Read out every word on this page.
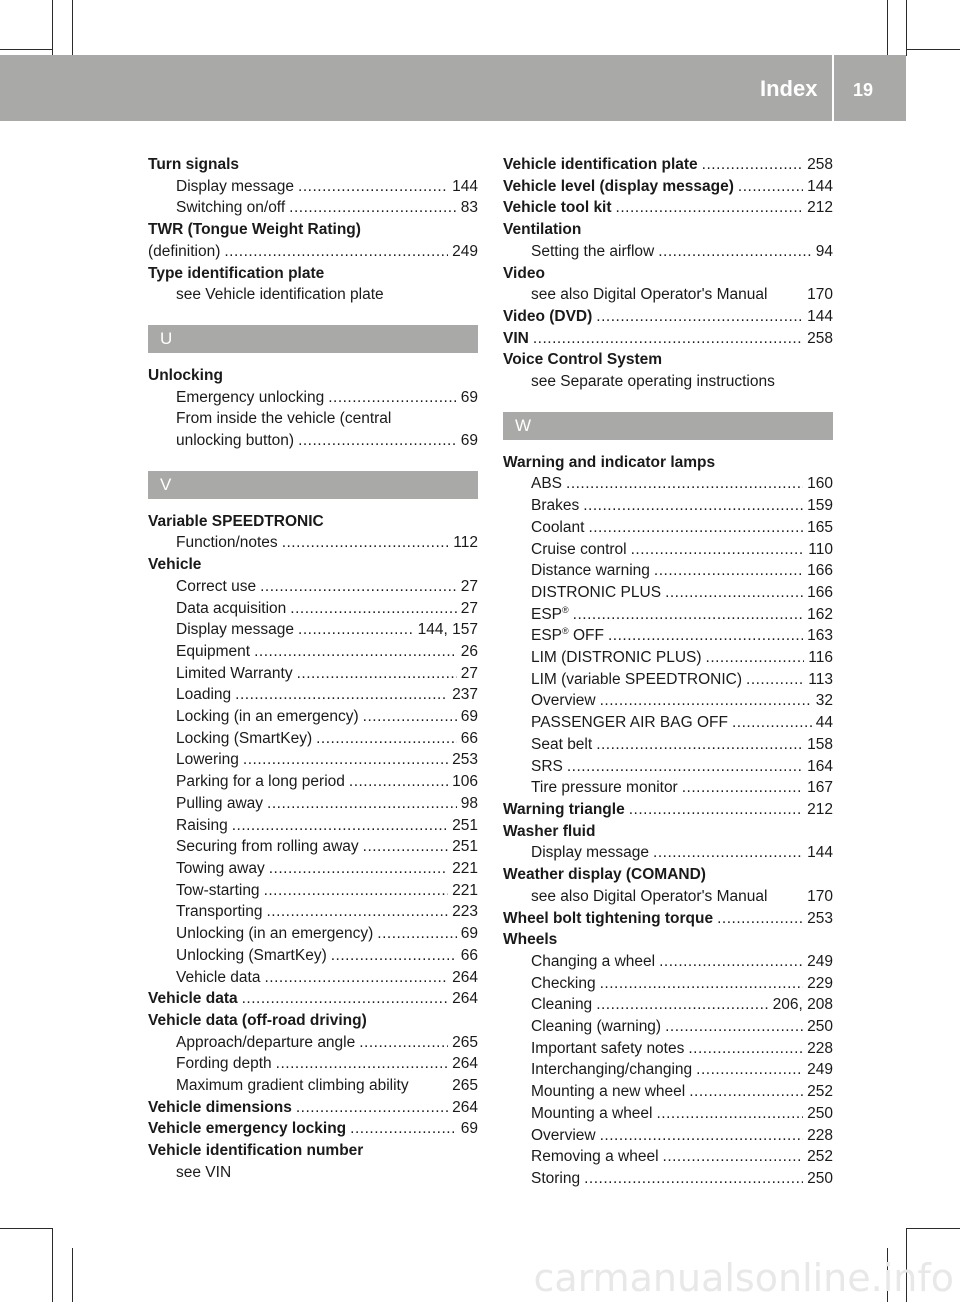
Index 19
Turn signals
Display message .....	144
Switching on/off .....	83
TWR (Tongue Weight Rating)
(definition) .....	249
Type identification plate
see Vehicle identification plate
U
Unlocking
Emergency unlocking .....	69
From inside the vehicle (central
unlocking button) .....	69
V
Variable SPEEDTRONIC
Function/notes .....	112
Vehicle
Correct use .....	27
Data acquisition .....	27
Display message .....	144, 157
Equipment .....	26
Limited Warranty .....	27
Loading .....	237
Locking (in an emergency) .....	69
Locking (SmartKey) .....	66
Lowering .....	253
Parking for a long period .....	106
Pulling away .....	98
Raising .....	251
Securing from rolling away .....	251
Towing away .....	221
Tow-starting .....	221
Transporting .....	223
Unlocking (in an emergency) .....	69
Unlocking (SmartKey) .....	66
Vehicle data .....	264
Vehicle data .....	264
Vehicle data (off-road driving)
Approach/departure angle .....	265
Fording depth .....	264
Maximum gradient climbing ability	265
Vehicle dimensions .....	264
Vehicle emergency locking .....	69
Vehicle identification number
see VIN
Vehicle identification plate .....	258
Vehicle level (display message) .....	144
Vehicle tool kit .....	212
Ventilation
Setting the airflow .....	94
Video
see also Digital Operator's Manual	170
Video (DVD) .....	144
VIN .....	258
Voice Control System
see Separate operating instructions
W
Warning and indicator lamps
ABS .....	160
Brakes .....	159
Coolant .....	165
Cruise control .....	110
Distance warning .....	166
DISTRONIC PLUS .....	166
ESP® .....	162
ESP® OFF .....	163
LIM (DISTRONIC PLUS) .....	116
LIM (variable SPEEDTRONIC) .....	113
Overview .....	32
PASSENGER AIR BAG OFF .....	44
Seat belt .....	158
SRS .....	164
Tire pressure monitor .....	167
Warning triangle .....	212
Washer fluid
Display message .....	144
Weather display (COMAND)
see also Digital Operator's Manual	170
Wheel bolt tightening torque .....	253
Wheels
Changing a wheel .....	249
Checking .....	229
Cleaning .....	206, 208
Cleaning (warning) .....	250
Important safety notes .....	228
Interchanging/changing .....	249
Mounting a new wheel .....	252
Mounting a wheel .....	250
Overview .....	228
Removing a wheel .....	252
Storing .....	250
carmanualsonline.info
